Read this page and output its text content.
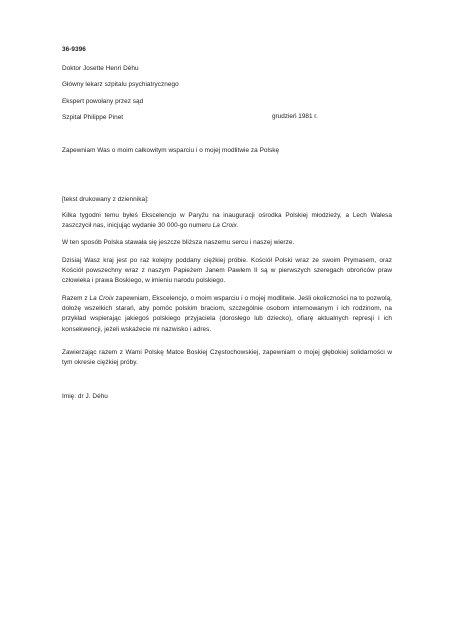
36-9396
Doktor Josette Henri Déhu
Główny lekarz szpitalu psychiatrycznego
Ekspert powołany przez sąd
Szpital Philippe Pinet	grudzień 1981 r.
Zapewniam Was o moim całkowitym wsparciu i o mojej modlitwie za Polskę
[tekst drukowany z dziennika]:
Kilka tygodni temu byłeś Ekscelencjo w Paryżu na inauguracji ośrodka Polskiej młodzieży, a Lech Walesa zaszczycił nas, inicjując wydanie 30 000-go numeru La Croix.
W ten sposób Polska stawała się jeszcze bliższa naszemu sercu i naszej wierze.
Dzisiaj Wasz kraj jest po raz kolejny poddany ciężkiej próbie. Kościół Polski wraz ze swoim Prymasem, oraz Kościół powszechny wraz z naszym Papieżem Janem Pawłem II są w pierwszych szeregach obrońców praw człowieka i prawa Boskiego, w imieniu narodu polskiego.
Razem z La Croix zapewniam, Ekscelencjo, o moim wsparciu i o mojej modlitwie. Jeśli okoliczności na to pozwolą, dołożę wszelkich starań, aby pomóc polskim braciom, szczególnie osobom internowanym i ich rodzinom, na przykład wspierając jakiegoś polskiego przyjaciela (dorosłego lub dziecko), ofiarę aktualnych represji i ich konsekwencji, jeżeli wskażecie mi nazwisko i adres.
Zawierzając razem z Wami Polskę Matce Boskiej Częstochowskiej, zapewniam o mojej głębokiej solidarności w tym okresie ciężkiej próby.
Imię: dr J. Déhu
